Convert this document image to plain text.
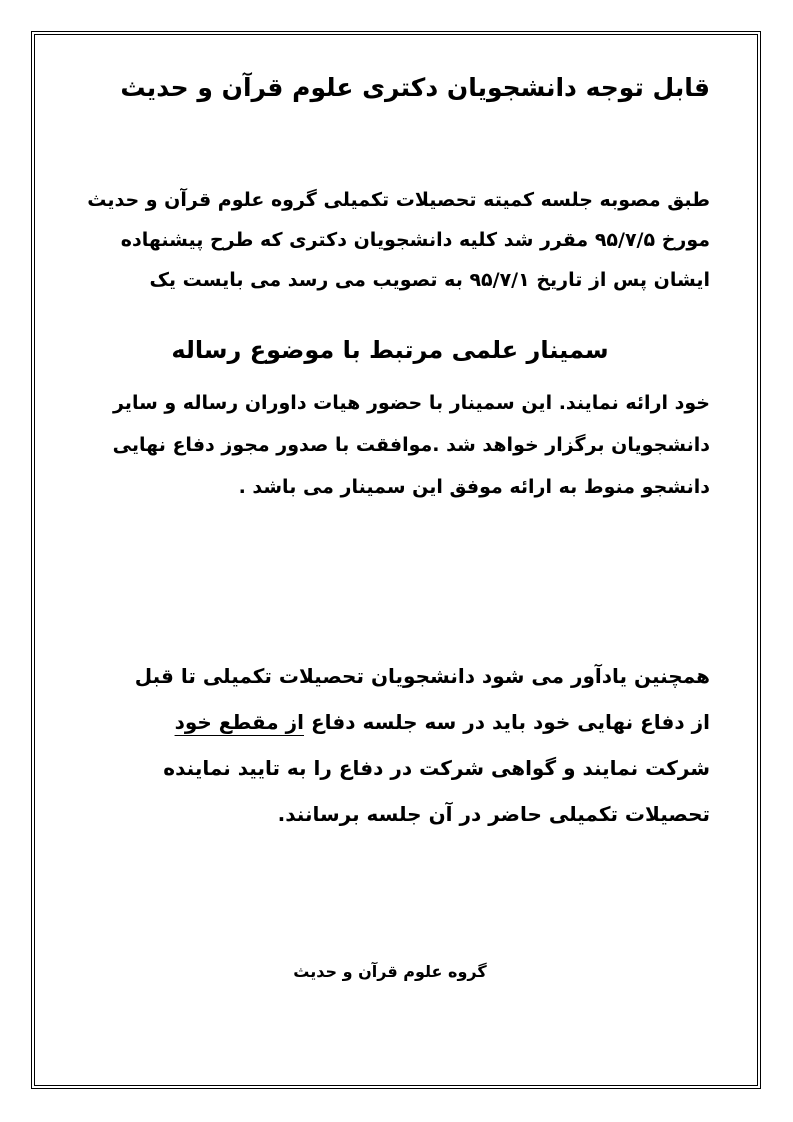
قابل توجه دانشجویان دکتری علوم قرآن و حدیث
طبق مصوبه جلسه کمیته تحصیلات تکمیلی گروه علوم قرآن و حدیث
مورخ ۹۵/۷/۵ مقرر شد کلیه دانشجویان دکتری که طرح پیشنهاده
ایشان پس از تاریخ ۹۵/۷/۱ به تصویب می رسد می بایست یک
سمینار علمی مرتبط با موضوع رساله
خود ارائه نمایند. این سمینار با حضور هیات داوران رساله و سایر
دانشجویان برگزار خواهد شد .موافقت با صدور مجوز دفاع نهایی
دانشجو منوط به ارائه موفق این سمینار می باشد .
همچنین یادآور می شود دانشجویان تحصیلات تکمیلی تا قبل
از دفاع نهایی خود باید در سه جلسه دفاع از مقطع خود
شرکت نمایند و گواهی شرکت در دفاع را به تایید نماینده
تحصیلات تکمیلی حاضر در آن جلسه برسانند.
گروه علوم قرآن و حدیث
